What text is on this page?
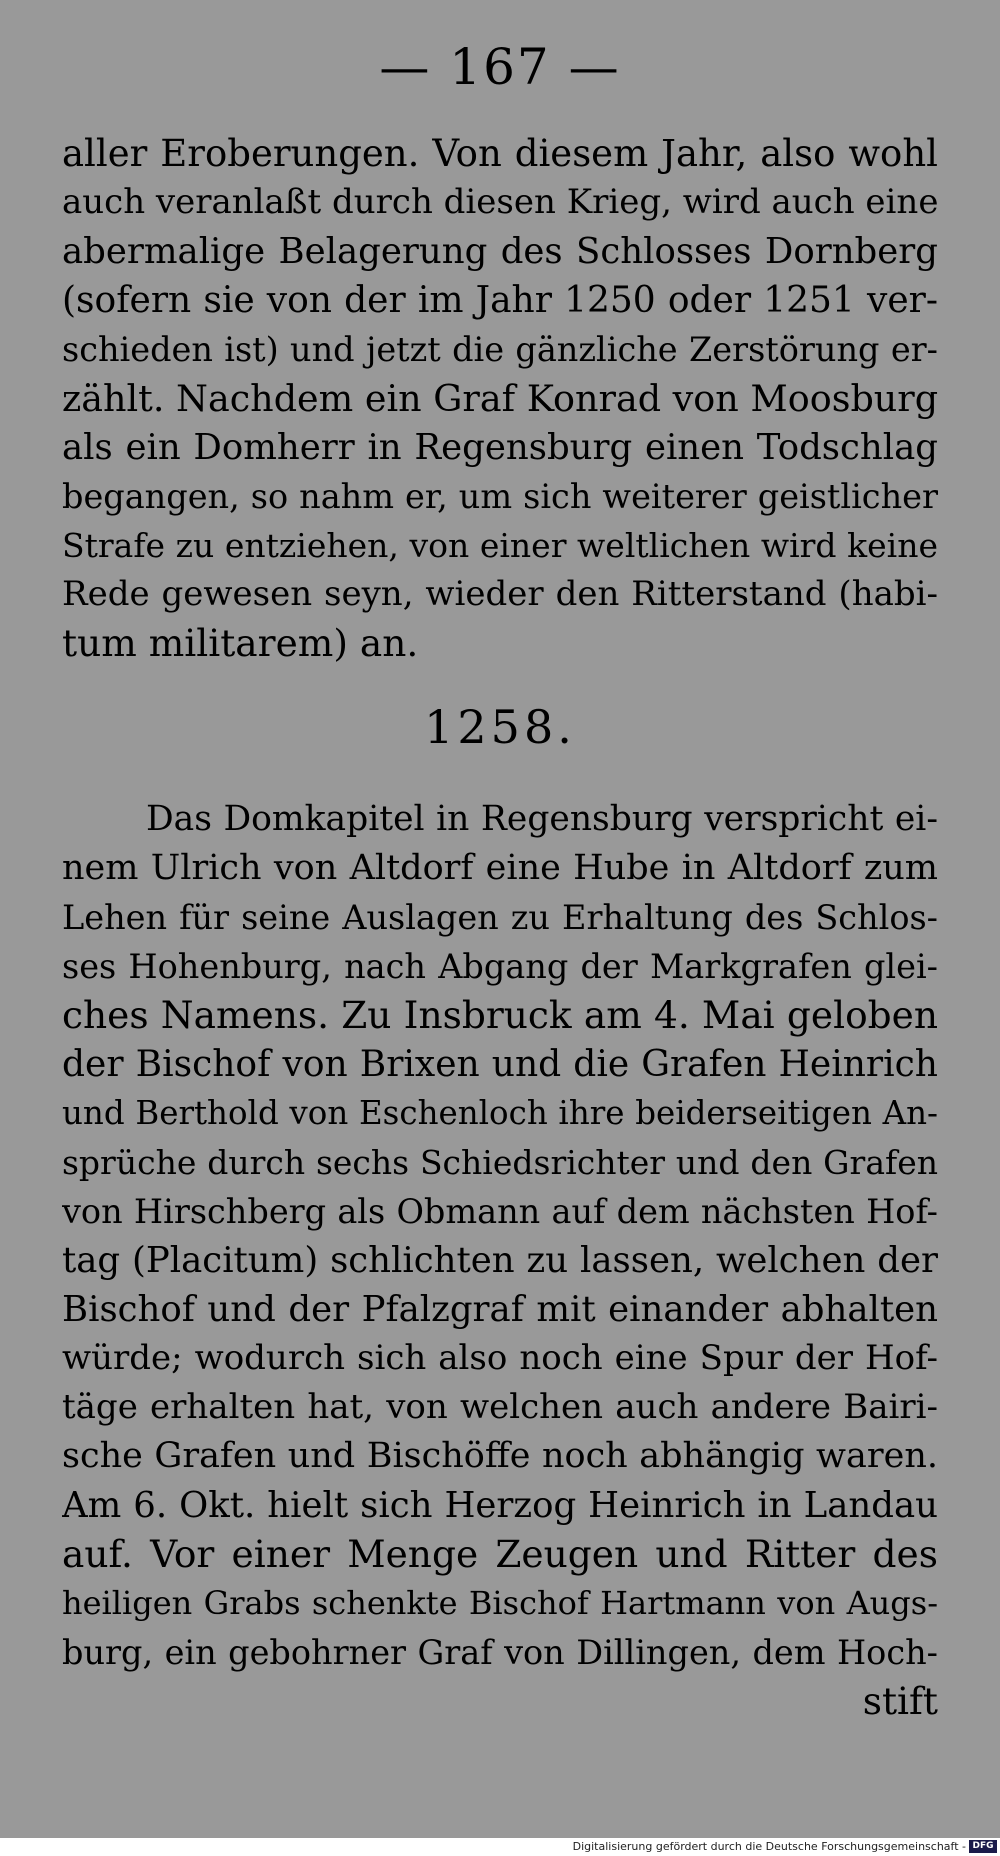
— 167 —
aller Eroberungen. Von diesem Jahr, also wohl
auch veranlaßt durch diesen Krieg, wird auch eine
abermalige Belagerung des Schlosses Dornberg
(sofern sie von der im Jahr 1250 oder 1251 ver-
schieden ist) und jetzt die gänzliche Zerstörung er-
zählt. Nachdem ein Graf Konrad von Moosburg
als ein Domherr in Regensburg einen Todschlag
begangen, so nahm er, um sich weiterer geistlicher
Strafe zu entziehen, von einer weltlichen wird keine
Rede gewesen seyn, wieder den Ritterstand (habi-
tum militarem) an.
1258.
Das Domkapitel in Regensburg verspricht ei-
nem Ulrich von Altdorf eine Hube in Altdorf zum
Lehen für seine Auslagen zu Erhaltung des Schlos-
ses Hohenburg, nach Abgang der Markgrafen glei-
ches Namens. Zu Insbruck am 4. Mai geloben
der Bischof von Brixen und die Grafen Heinrich
und Berthold von Eschenloch ihre beiderseitigen An-
sprüche durch sechs Schiedsrichter und den Grafen
von Hirschberg als Obmann auf dem nächsten Hof-
tag (Placitum) schlichten zu lassen, welchen der
Bischof und der Pfalzgraf mit einander abhalten
würde; wodurch sich also noch eine Spur der Hof-
täge erhalten hat, von welchen auch andere Bairi-
sche Grafen und Bischöffe noch abhängig waren.
Am 6. Okt. hielt sich Herzog Heinrich in Landau
auf. Vor einer Menge Zeugen und Ritter des
heiligen Grabs schenkte Bischof Hartmann von Augs-
burg, ein gebohrner Graf von Dillingen, dem Hoch-
stift
Digitalisierung gefördert durch die Deutsche Forschungsgemeinschaft - DFG
